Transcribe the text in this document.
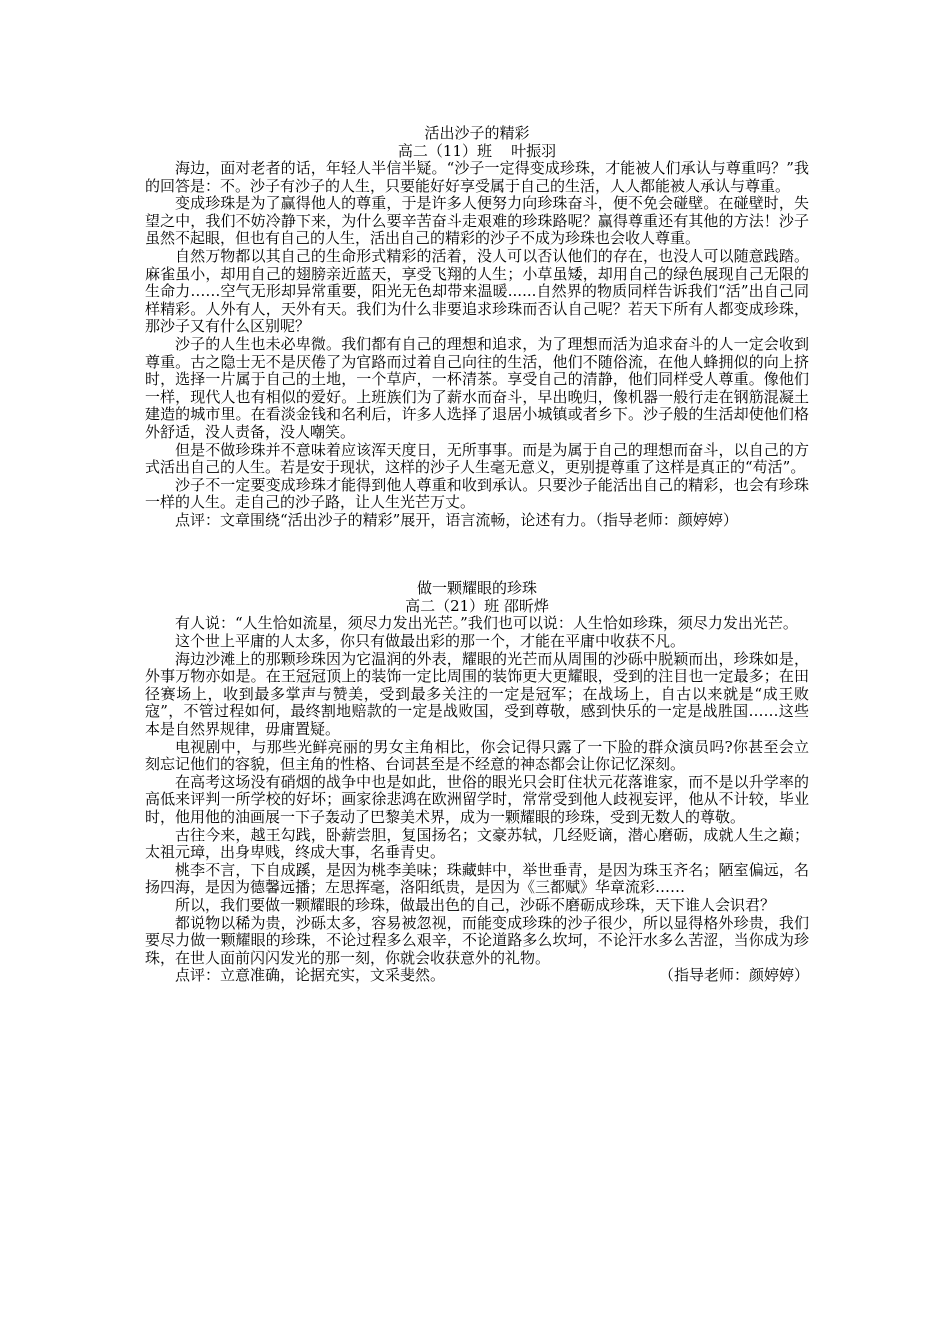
活出沙子的精彩

高二（11）班    叶振羽

海边，面对老者的话，年轻人半信半疑。“沙子一定得变成珍珠，才能被人们承认与尊重吗？”我的回答是：不。沙子有沙子的人生，只要能好好享受属于自己的生活，人人都能被人承认与尊重。

变成珍珠是为了赢得他人的尊重，于是许多人便努力向珍珠奋斗，便不免会碰壁。在碰壁时，失望之中，我们不妨冷静下来，为什么要辛苦奋斗走艰难的珍珠路呢？赢得尊重还有其他的方法！沙子虽然不起眼，但也有自己的人生，活出自己的精彩的沙子不成为珍珠也会收人尊重。

自然万物都以其自己的生命形式精彩的活着，没人可以否认他们的存在，也没人可以随意践踏。麻雀虽小，却用自己的翅膀亲近蓝天，享受飞翔的人生；小草虽矮，却用自己的绿色展现自己无限的生命力……空气无形却异常重要，阳光无色却带来温暖......自然界的物质同样告诉我们“活”出自己同样精彩。人外有人，天外有天。我们为什么非要追求珍珠而否认自己呢？若天下所有人都变成珍珠，那沙子又有什么区别呢？

沙子的人生也未必卑微。我们都有自己的理想和追求，为了理想而活为追求奋斗的人一定会收到尊重。古之隐士无不是厌倦了为官路而过着自己向往的生活，他们不随俗流，在他人蜂拥似的向上挤时，选择一片属于自己的土地，一个草庐，一杯清茶。享受自己的清静，他们同样受人尊重。像他们一样，现代人也有相似的爱好。上班族们为了薪水而奋斗，早出晚归，像机器一般行走在钢筋混凝土建造的城市里。在看淡金钱和名利后，许多人选择了退居小城镇或者乡下。沙子般的生活却使他们格外舒适，没人责备，没人嘲笑。

但是不做珍珠并不意味着应该浑天度日，无所事事。而是为属于自己的理想而奋斗，以自己的方式活出自己的人生。若是安于现状，这样的沙子人生毫无意义，更别提尊重了这样是真正的“苟活”。

沙子不一定要变成珍珠才能得到他人尊重和收到承认。只要沙子能活出自己的精彩，也会有珍珠一样的人生。走自己的沙子路，让人生光芒万丈。

点评：文章围绕“活出沙子的精彩”展开，语言流畅，论述有力。（指导老师：颜婷婷）

做一颗耀眼的珍珠

高二（21）班 邵昕烨

有人说：“人生恰如流星，须尽力发出光芒。”我们也可以说：人生恰如珍珠，须尽力发出光芒。

这个世上平庸的人太多，你只有做最出彩的那一个，才能在平庸中收获不凡。

海边沙滩上的那颗珍珠因为它温润的外表，耀眼的光芒而从周围的沙砾中脱颖而出，珍珠如是，外事万物亦如是。在王冠冠顶上的装饰一定比周围的装饰更大更耀眼，受到的注目也一定最多；在田径赛场上，收到最多掌声与赞美，受到最多关注的一定是冠军；在战场上，自古以来就是“成王败寇”，不管过程如何，最终割地赔款的一定是战败国，受到尊敬，感到快乐的一定是战胜国……这些本是自然界规律，毋庸置疑。

电视剧中，与那些光鲜亮丽的男女主角相比，你会记得只露了一下脸的群众演员吗?你甚至会立刻忘记他们的容貌，但主角的性格、台词甚至是不经意的神态都会让你记忆深刻。

在高考这场没有硝烟的战争中也是如此，世俗的眼光只会盯住状元花落谁家，而不是以升学率的高低来评判一所学校的好坏；画家徐悲鸿在欧洲留学时，常常受到他人歧视妄评，他从不计较，毕业时，他用他的油画展一下子轰动了巴黎美术界，成为一颗耀眼的珍珠，受到无数人的尊敬。

古往今来，越王勾践，卧薪尝胆，复国扬名；文豪苏轼，几经贬谪，潜心磨砺，成就人生之巅；太祖元璋，出身卑贱，终成大事，名垂青史。

桃李不言，下自成蹊，是因为桃李美味；珠藏蚌中，举世垂青，是因为珠玉齐名；陋室偏远，名扬四海，是因为德馨远播；左思挥毫，洛阳纸贵，是因为《三都赋》华章流彩……

所以，我们要做一颗耀眼的珍珠，做最出色的自己，沙砾不磨砺成珍珠，天下谁人会识君？

都说物以稀为贵，沙砾太多，容易被忽视，而能变成珍珠的沙子很少，所以显得格外珍贵，我们要尽力做一颗耀眼的珍珠，不论过程多么艰辛，不论道路多么坎坷，不论汗水多么苦涩，当你成为珍珠，在世人面前闪闪发光的那一刻，你就会收获意外的礼物。

点评：立意准确，论据充实，文采斐然。	（指导老师：颜婷婷）
